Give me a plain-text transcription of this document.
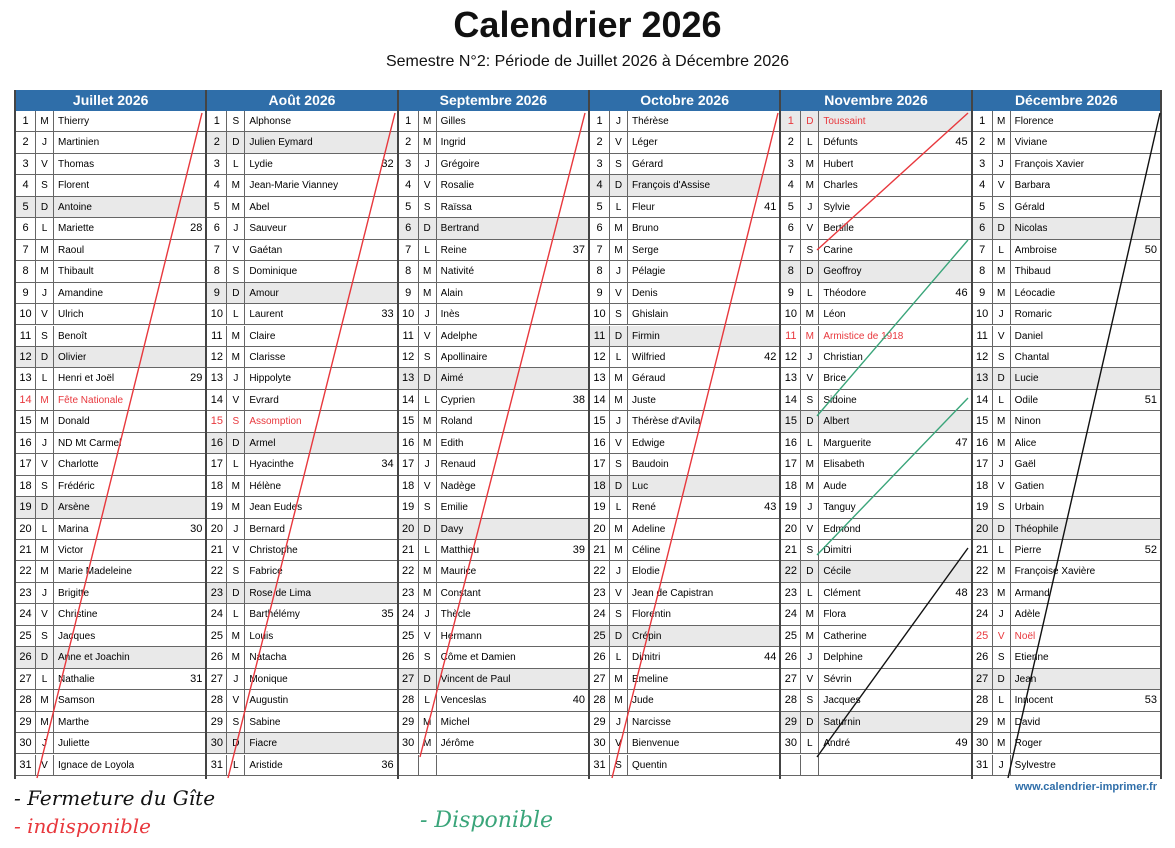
Calendrier 2026
Semestre N°2: Période de Juillet 2026 à Décembre 2026
Juillet 2026
1	M Thierry
2	J	Martinien
3	V	Thomas
4	S	Florent
5	D Antoine
6	L	Mariette	28
7	M Raoul
8	M Thibault
9	J	Amandine
10 V	Ulrich
11 S	Benoît
12 D Olivier
13	L	Henri et Joël	29
14 M Fête Nationale
15 M Donald
16	J	ND Mt Carmel
17 V	Charlotte
18 S	Frédéric
19 D Arsène
20	L	Marina	30
21 M Victor
22 M Marie Madeleine
23	J	Brigitte
24 V	Christine
25 S	Jacques
26 D Anne et Joachin
27	L	Nathalie	31
28 M Samson
29 M Marthe
30	J	Juliette
31 V	Ignace de Loyola
Août 2026
1	S	Alphonse
2	D Julien Eymard
3	L	Lydie	32
4	M Jean-Marie Vianney
5	M Abel
6	J	Sauveur
7	V	Gaétan
8	S	Dominique
9	D Amour
10	L	Laurent	33
11 M Claire
12 M Clarisse
13	J	Hippolyte
14 V	Evrard
15 S	Assomption
16 D Armel
17	L	Hyacinthe	34
18 M Hélène
19 M Jean Eudes
20	J	Bernard
21 V	Christophe
22 S	Fabrice
23 D Rose de Lima
24	L	Barthélémy	35
25 M Louis
26 M Natacha
27	J	Monique
28 V	Augustin
29 S	Sabine
30 D Fiacre
31	L	Aristide	36
Septembre 2026
1	M Gilles
2	M Ingrid
3	J	Grégoire
4	V	Rosalie
5	S	Raïssa
6	D Bertrand
7	L	Reine	37
8	M Nativité
9	M Alain
10	J	Inès
11 V	Adelphe
12 S	Apollinaire
13 D Aimé
14	L	Cyprien	38
15 M Roland
16 M Edith
17	J	Renaud
18 V	Nadège
19 S	Emilie
20 D Davy
21	L	Matthieu	39
22 M Maurice
23 M Constant
24	J	Thècle
25 V	Hermann
26 S	Côme et Damien
27 D Vincent de Paul
28	L	Venceslas	40
29 M Michel
30 M Jérôme
Octobre 2026
1	J	Thérèse
2	V	Léger
3	S	Gérard
4	D François d'Assise
5	L	Fleur	41
6	M Bruno
7	M Serge
8	J	Pélagie
9	V	Denis
10 S	Ghislain
11 D Firmin
12	L	Wilfried	42
13 M Géraud
14 M Juste
15	J	Thérèse d'Avila
16 V	Edwige
17 S	Baudoin
18 D Luc
19	L	René	43
20 M Adeline
21 M Céline
22	J	Elodie
23 V	Jean de Capistran
24 S	Florentin
25 D Crépin
26	L	Dimitri	44
27 M Emeline
28 M Jude
29	J	Narcisse
30 V	Bienvenue
31 S	Quentin
Novembre 2026
1	D Toussaint
2	L	Défunts	45
3	M Hubert
4	M Charles
5	J	Sylvie
6	V	Bertille
7	S	Carine
8	D Geoffroy
9	L	Théodore	46
10 M Léon
11 M Armistice de 1918
12	J	Christian
13 V	Brice
14 S	Sidoine
15 D Albert
16	L	Marguerite	47
17 M Elisabeth
18 M Aude
19	J	Tanguy
20 V	Edmond
21 S	Dimitri
22 D Cécile
23	L	Clément	48
24 M Flora
25 M Catherine
26	J	Delphine
27 V	Sévrin
28 S	Jacques
29 D Saturnin
30	L	André	49
Décembre 2026
1	M Florence
2	M Viviane
3	J	François Xavier
4	V	Barbara
5	S	Gérald
6	D Nicolas
7	L	Ambroise	50
8	M Thibaud
9	M Léocadie
10	J	Romaric
11 V	Daniel
12 S	Chantal
13 D Lucie
14	L	Odile	51
15 M Ninon
16 M Alice
17	J	Gaël
18 V	Gatien
19 S	Urbain
20 D Théophile
21	L	Pierre	52
22 M Françoise Xavière
23 M Armand
24	J	Adèle
25 V	Noël
26 S	Etienne
27 D Jean
28	L	Innocent	53
29 M David
30 M Roger
31	J	Sylvestre
www.calendrier-imprimer.fr
- Fermeture du Gîte
- indisponible	- Disponible
